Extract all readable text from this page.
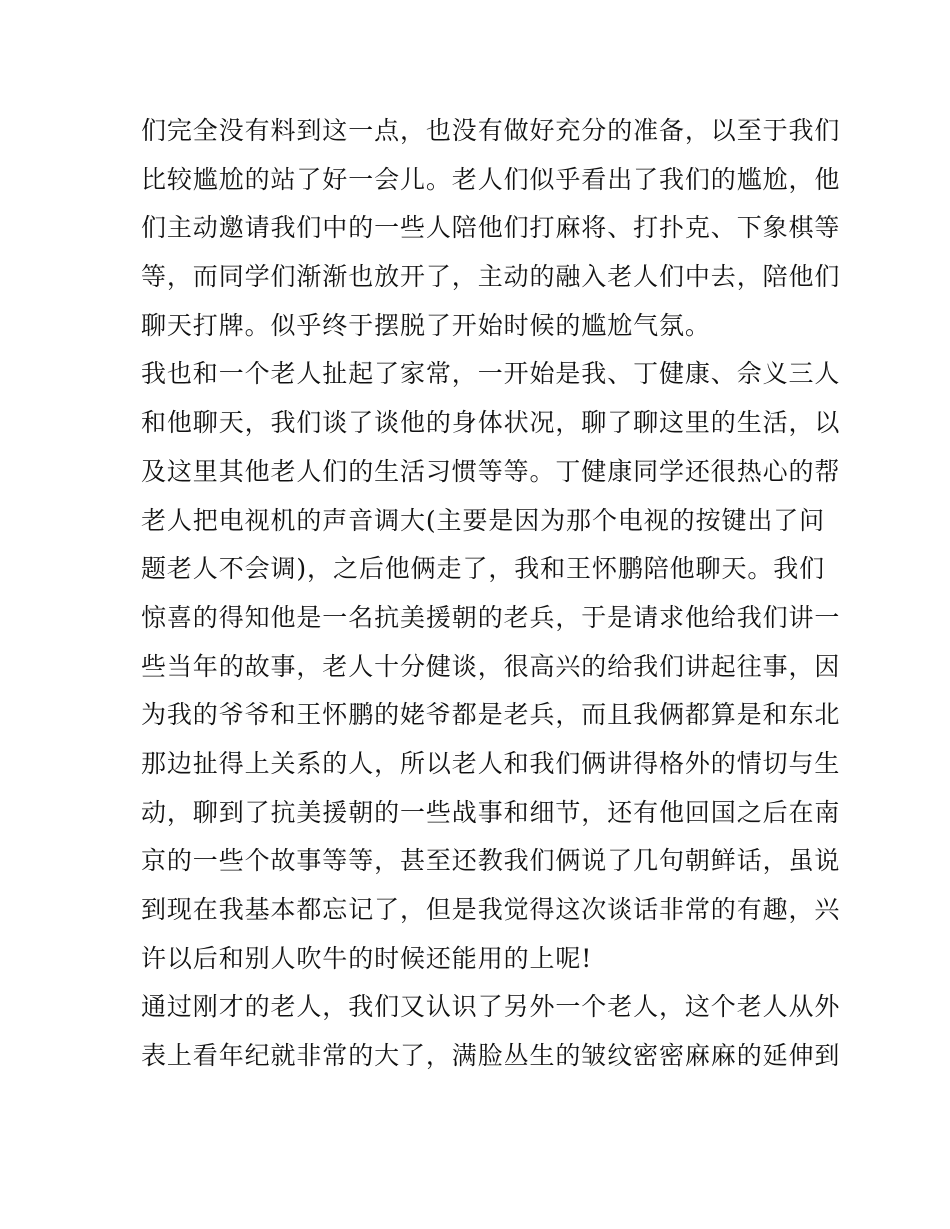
们完全没有料到这一点，也没有做好充分的准备，以至于我们
比较尴尬的站了好一会儿。老人们似乎看出了我们的尴尬，他
们主动邀请我们中的一些人陪他们打麻将、打扑克、下象棋等
等，而同学们渐渐也放开了，主动的融入老人们中去，陪他们
聊天打牌。似乎终于摆脱了开始时候的尴尬气氛。
我也和一个老人扯起了家常，一开始是我、丁健康、佘义三人
和他聊天，我们谈了谈他的身体状况，聊了聊这里的生活，以
及这里其他老人们的生活习惯等等。丁健康同学还很热心的帮
老人把电视机的声音调大(主要是因为那个电视的按键出了问
题老人不会调)，之后他俩走了，我和王怀鹏陪他聊天。我们
惊喜的得知他是一名抗美援朝的老兵，于是请求他给我们讲一
些当年的故事，老人十分健谈，很高兴的给我们讲起往事，因
为我的爷爷和王怀鹏的姥爷都是老兵，而且我俩都算是和东北
那边扯得上关系的人，所以老人和我们俩讲得格外的情切与生
动，聊到了抗美援朝的一些战事和细节，还有他回国之后在南
京的一些个故事等等，甚至还教我们俩说了几句朝鲜话，虽说
到现在我基本都忘记了，但是我觉得这次谈话非常的有趣，兴
许以后和别人吹牛的时候还能用的上呢!
通过刚才的老人，我们又认识了另外一个老人，这个老人从外
表上看年纪就非常的大了，满脸丛生的皱纹密密麻麻的延伸到
